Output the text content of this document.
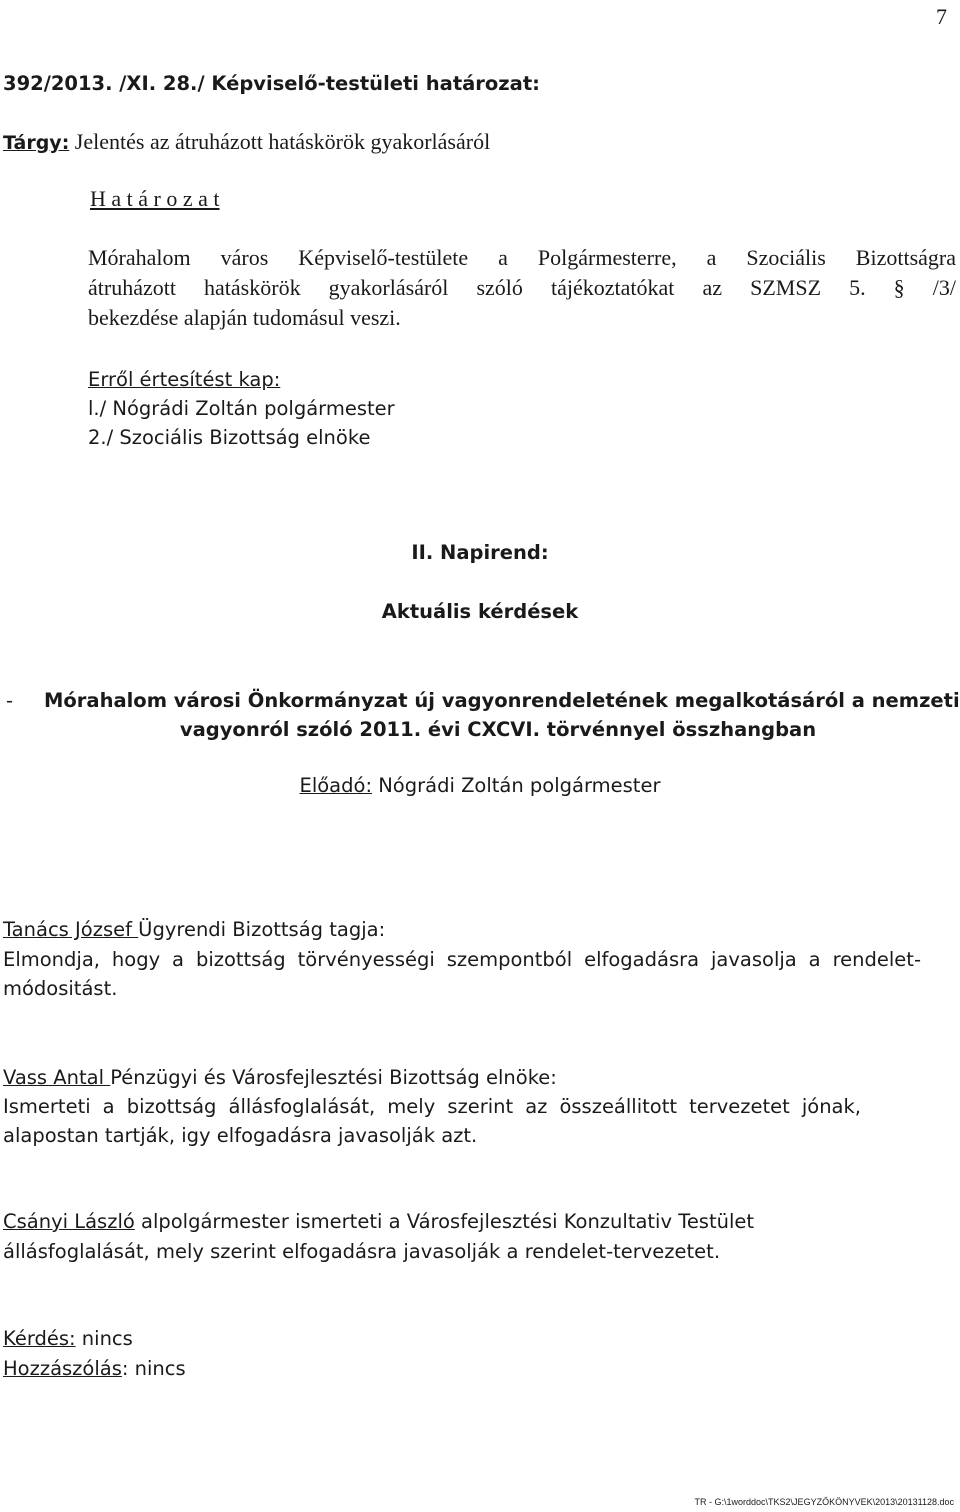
7
392/2013. /XI. 28./ Képviselő-testületi határozat:
Tárgy: Jelentés az átruházott hatáskörök gyakorlásáról
H a t á r o z a t
Mórahalom város Képviselő-testülete a Polgármesterre, a Szociális Bizottságra
átruházott hatáskörök gyakorlásáról szóló tájékoztatókat az SZMSZ 5. § /3/
bekezdése alapján tudomásul veszi.
Erről értesítést kap:
l./ Nógrádi Zoltán polgármester
2./ Szociális Bizottság elnöke
II. Napirend:
Aktuális kérdések
- Mórahalom városi Önkormányzat új vagyonrendeletének megalkotásáról a nemzeti
vagyonról szóló 2011. évi CXCVI. törvénnyel összhangban
Előadó: Nógrádi Zoltán polgármester
Tanács József Ügyrendi Bizottság tagja:
Elmondja, hogy a bizottság törvényességi szempontból elfogadásra javasolja a rendelet-
módositást.
Vass Antal Pénzügyi és Városfejlesztési Bizottság elnöke:
Ismerteti a bizottság állásfoglalását, mely szerint az összeállitott tervezetet jónak,
alapostan tartják, igy elfogadásra javasolják azt.
Csányi László alpolgármester ismerteti a Városfejlesztési Konzultativ Testület
állásfoglalását, mely szerint elfogadásra javasolják a rendelet-tervezetet.
Kérdés: nincs
Hozzászólás: nincs
TR - G:\1worddoc\TKS2\JEGYZŐKÖNYVEK\2013\20131128.doc
